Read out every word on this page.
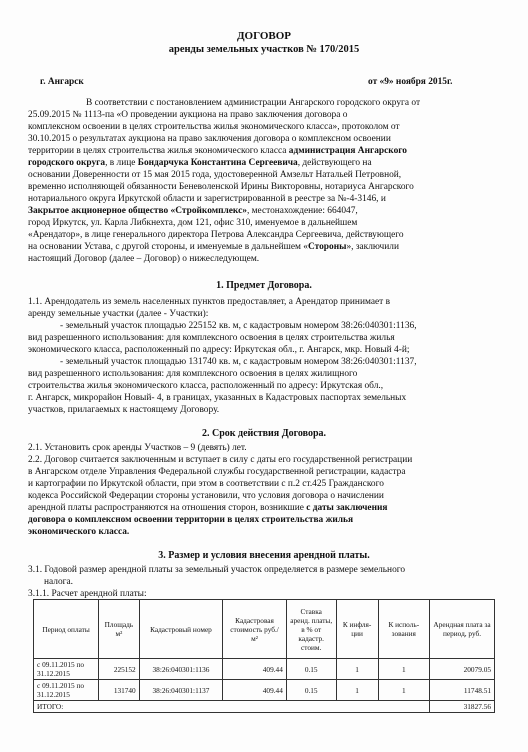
ДОГОВОР
аренды земельных участков № 170/2015
г. Ангарск	от «9» ноября 2015г.
В соответствии с постановлением администрации Ангарского городского округа от
25.09.2015 № 1113-па «О проведении аукциона на право заключения договора о
комплексном освоении в целях строительства жилья экономического класса», протоколом от
30.10.2015 о результатах аукциона на право заключения договора о комплексном освоении
территории в целях строительства жилья экономического класса администрация Ангарского
городского округа, в лице Бондарчука Константина Сергеевича, действующего на
основании Доверенности от 15 мая 2015 года, удостоверенной Амзельт Натальей Петровной,
временно исполняющей обязанности Беневоленской Ирины Викторовны, нотариуса Ангарского
нотариального округа Иркутской области и зарегистрированной в реестре за №-4-3146, и
Закрытое акционерное общество «Стройкомплекс», местонахождение: 664047,
город Иркутск, ул. Карла Либкнехта, дом 121, офис 310, именуемое в дальнейшем
«Арендатор», в лице генерального директора Петрова Александра Сергеевича, действующего
на основании Устава, с другой стороны, и именуемые в дальнейшем «Стороны», заключили
настоящий Договор (далее – Договор) о нижеследующем.
1. Предмет Договора.
1.1. Арендодатель из земель населенных пунктов предоставляет, а Арендатор принимает в
аренду земельные участки (далее - Участки):
- земельный участок площадью 225152 кв. м, с кадастровым номером 38:26:040301:1136,
вид разрешенного использования: для комплексного освоения в целях строительства жилья
экономического класса, расположенный по адресу: Иркутская обл., г. Ангарск, мкр. Новый 4-й;
- земельный участок площадью 131740 кв. м, с кадастровым номером 38:26:040301:1137,
вид разрешенного использования: для комплексного освоения в целях жилищного
строительства жилья экономического класса, расположенный по адресу: Иркутская обл.,
г. Ангарск, микрорайон Новый- 4, в границах, указанных в Кадастровых паспортах земельных
участков, прилагаемых к настоящему Договору.
2. Срок действия Договора.
2.1. Установить срок аренды Участков – 9 (девять) лет.
2.2. Договор считается заключенным и вступает в силу с даты его государственной регистрации
в Ангарском отделе Управления Федеральной службы государственной регистрации, кадастра
и картографии по Иркутской области, при этом в соответствии с п.2 ст.425 Гражданского
кодекса Российской Федерации стороны установили, что условия договора о начислении
арендной платы распространяются на отношения сторон, возникшие с даты заключения
договора о комплексном освоении территории в целях строительства жилья
экономического класса.
3. Размер и условия внесения арендной платы.
3.1. Годовой размер арендной платы за земельный участок определяется в размере земельного
налога.
3.1.1. Расчет арендной платы:
Период оплаты	Площадь м²	Кадастровый номер	Кадастровая стоимость руб./ м²	Ставка аренд. платы, в % от кадастр. стоим.	К инфля-ции	К исполь-зования	Арендная плата за период, руб.
с 09.11.2015 по 31.12.2015	225152	38:26:040301:1136	409.44	0.15	1	1	20079.05
с 09.11.2015 по 31.12.2015	131740	38:26:040301:1137	409.44	0.15	1	1	11748.51
ИТОГО:							31827.56
